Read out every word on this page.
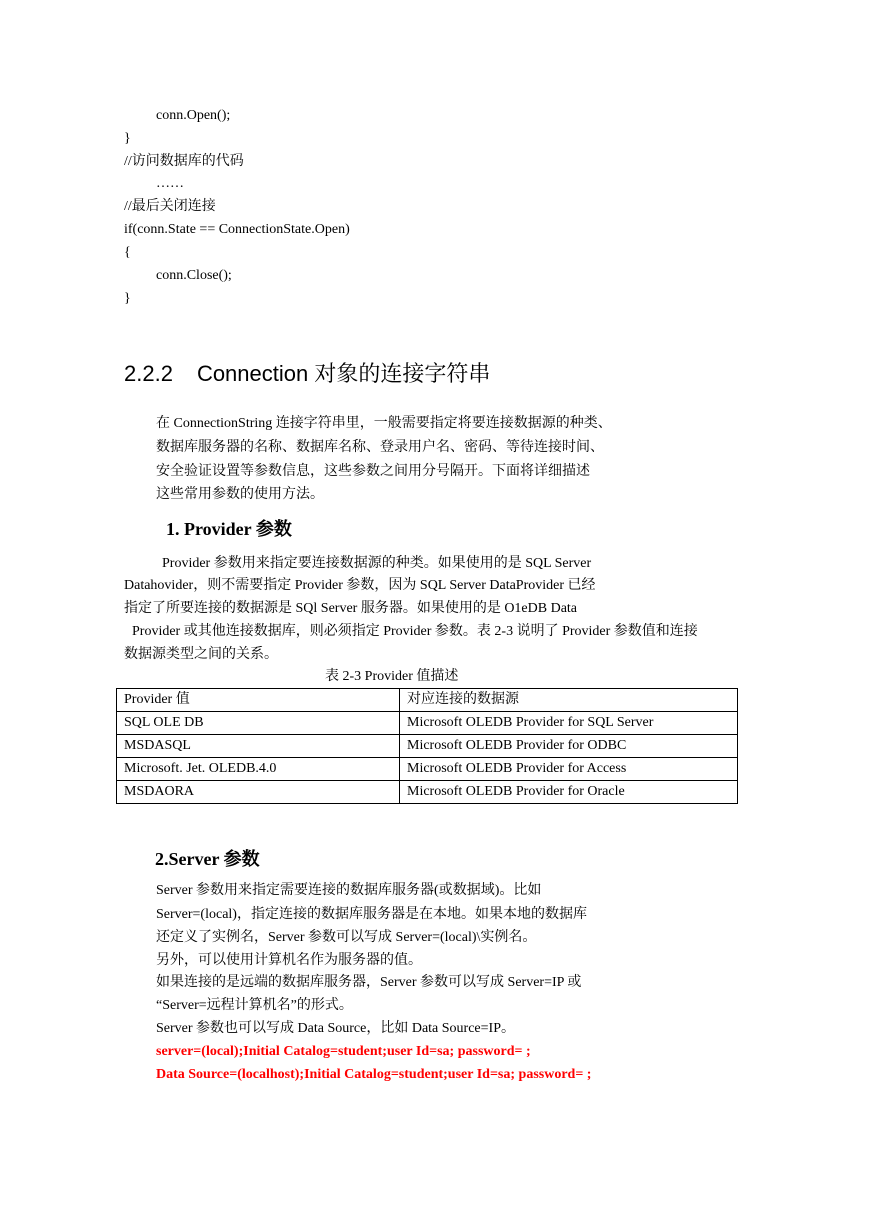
conn.Open();
}
//访问数据库的代码
……
//最后关闭连接
if(conn.State == ConnectionState.Open)
{
conn.Close();
}
2.2.2 Connection 对象的连接字符串
在 ConnectionString 连接字符串里，一般需要指定将要连接数据源的种类、
数据库服务器的名称、数据库名称、登录用户名、密码、等待连接时间、
安全验证设置等参数信息，这些参数之间用分号隔开。下面将详细描述
这些常用参数的使用方法。
1. Provider 参数
Provider 参数用来指定要连接数据源的种类。如果使用的是 SQL Server
Datahovider，则不需要指定 Provider 参数，因为 SQL Server DataProvider 已经
指定了所要连接的数据源是 SQl Server 服务器。如果使用的是 O1eDB Data
Provider 或其他连接数据库，则必须指定 Provider 参数。表 2-3 说明了 Provider 参数值和连接
数据源类型之间的关系。
表 2-3 Provider 值描述
Provider 值	对应连接的数据源
SQL OLE DB	Microsoft OLEDB Provider for SQL Server
MSDASQL	Microsoft OLEDB Provider for ODBC
Microsoft. Jet. OLEDB.4.0	Microsoft OLEDB Provider for Access
MSDAORA	Microsoft OLEDB Provider for Oracle
2.Server 参数
Server 参数用来指定需要连接的数据库服务器(或数据域)。比如
Server=(local)，指定连接的数据库服务器是在本地。如果本地的数据库
还定义了实例名，Server 参数可以写成 Server=(local)\实例名。
另外，可以使用计算机名作为服务器的值。
如果连接的是远端的数据库服务器，Server 参数可以写成 Server=IP 或
“Server=远程计算机名”的形式。
Server 参数也可以写成 Data Source，比如 Data Source=IP。
server=(local);Initial Catalog=student;user Id=sa; password= ;
Data Source=(localhost);Initial Catalog=student;user Id=sa; password= ;
